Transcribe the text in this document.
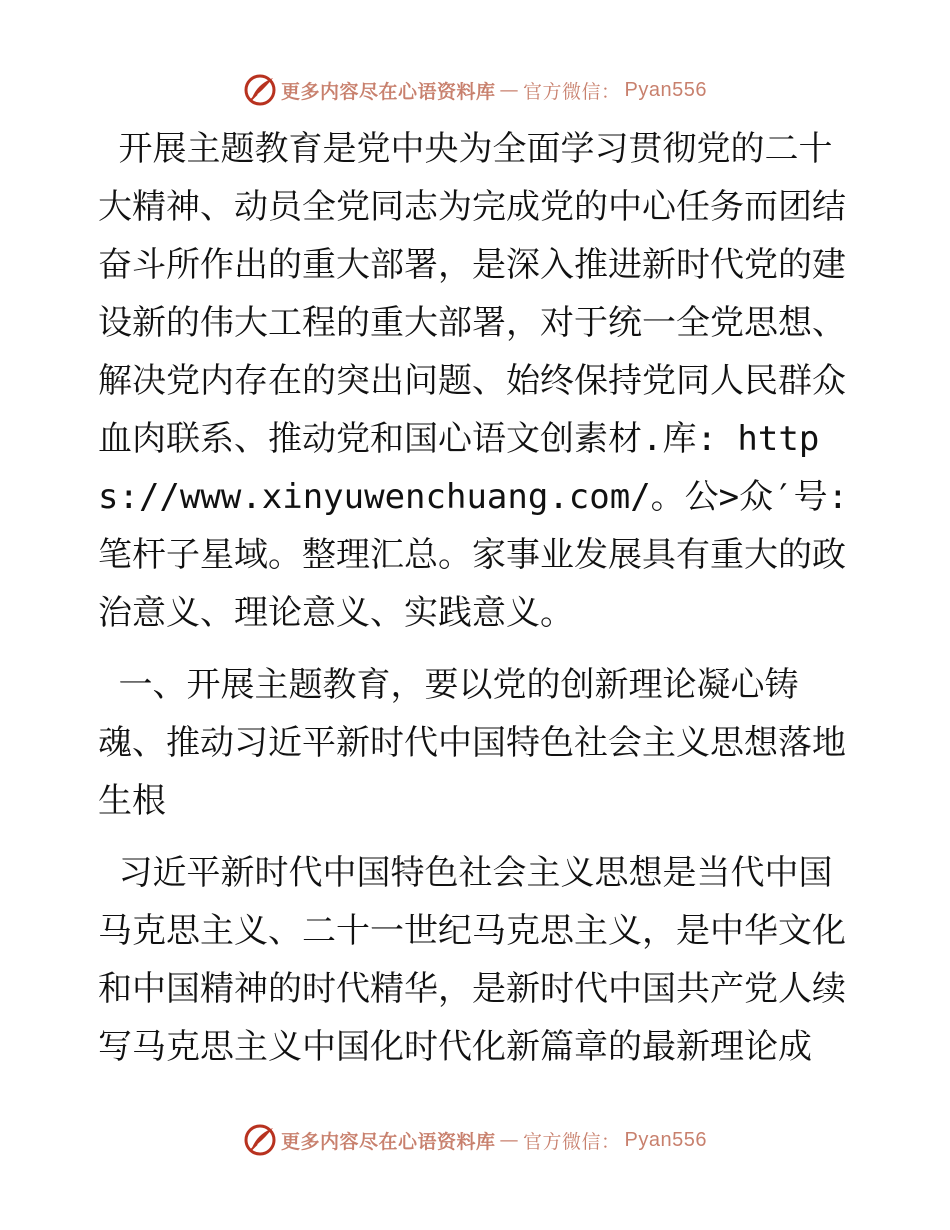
更多内容尽在心语资料库 — 官方微信： Pyan556

开展主题教育是党中央为全面学习贯彻党的二十大精神、动员全党同志为完成党的中心任务而团结奋斗所作出的重大部署，是深入推进新时代党的建设新的伟大工程的重大部署，对于统一全党思想、解决党内存在的突出问题、始终保持党同人民群众血肉联系、推动党和国心语文创素材.库: https://www.xinyuwenchuang.com/。公>众′号: 笔杆子星域。整理汇总。家事业发展具有重大的政治意义、理论意义、实践意义。

一、开展主题教育，要以党的创新理论凝心铸魂、推动习近平新时代中国特色社会主义思想落地生根

习近平新时代中国特色社会主义思想是当代中国马克思主义、二十一世纪马克思主义，是中华文化和中国精神的时代精华，是新时代中国共产党人续写马克思主义中国化时代化新篇章的最新理论成

更多内容尽在心语资料库 — 官方微信： Pyan556
